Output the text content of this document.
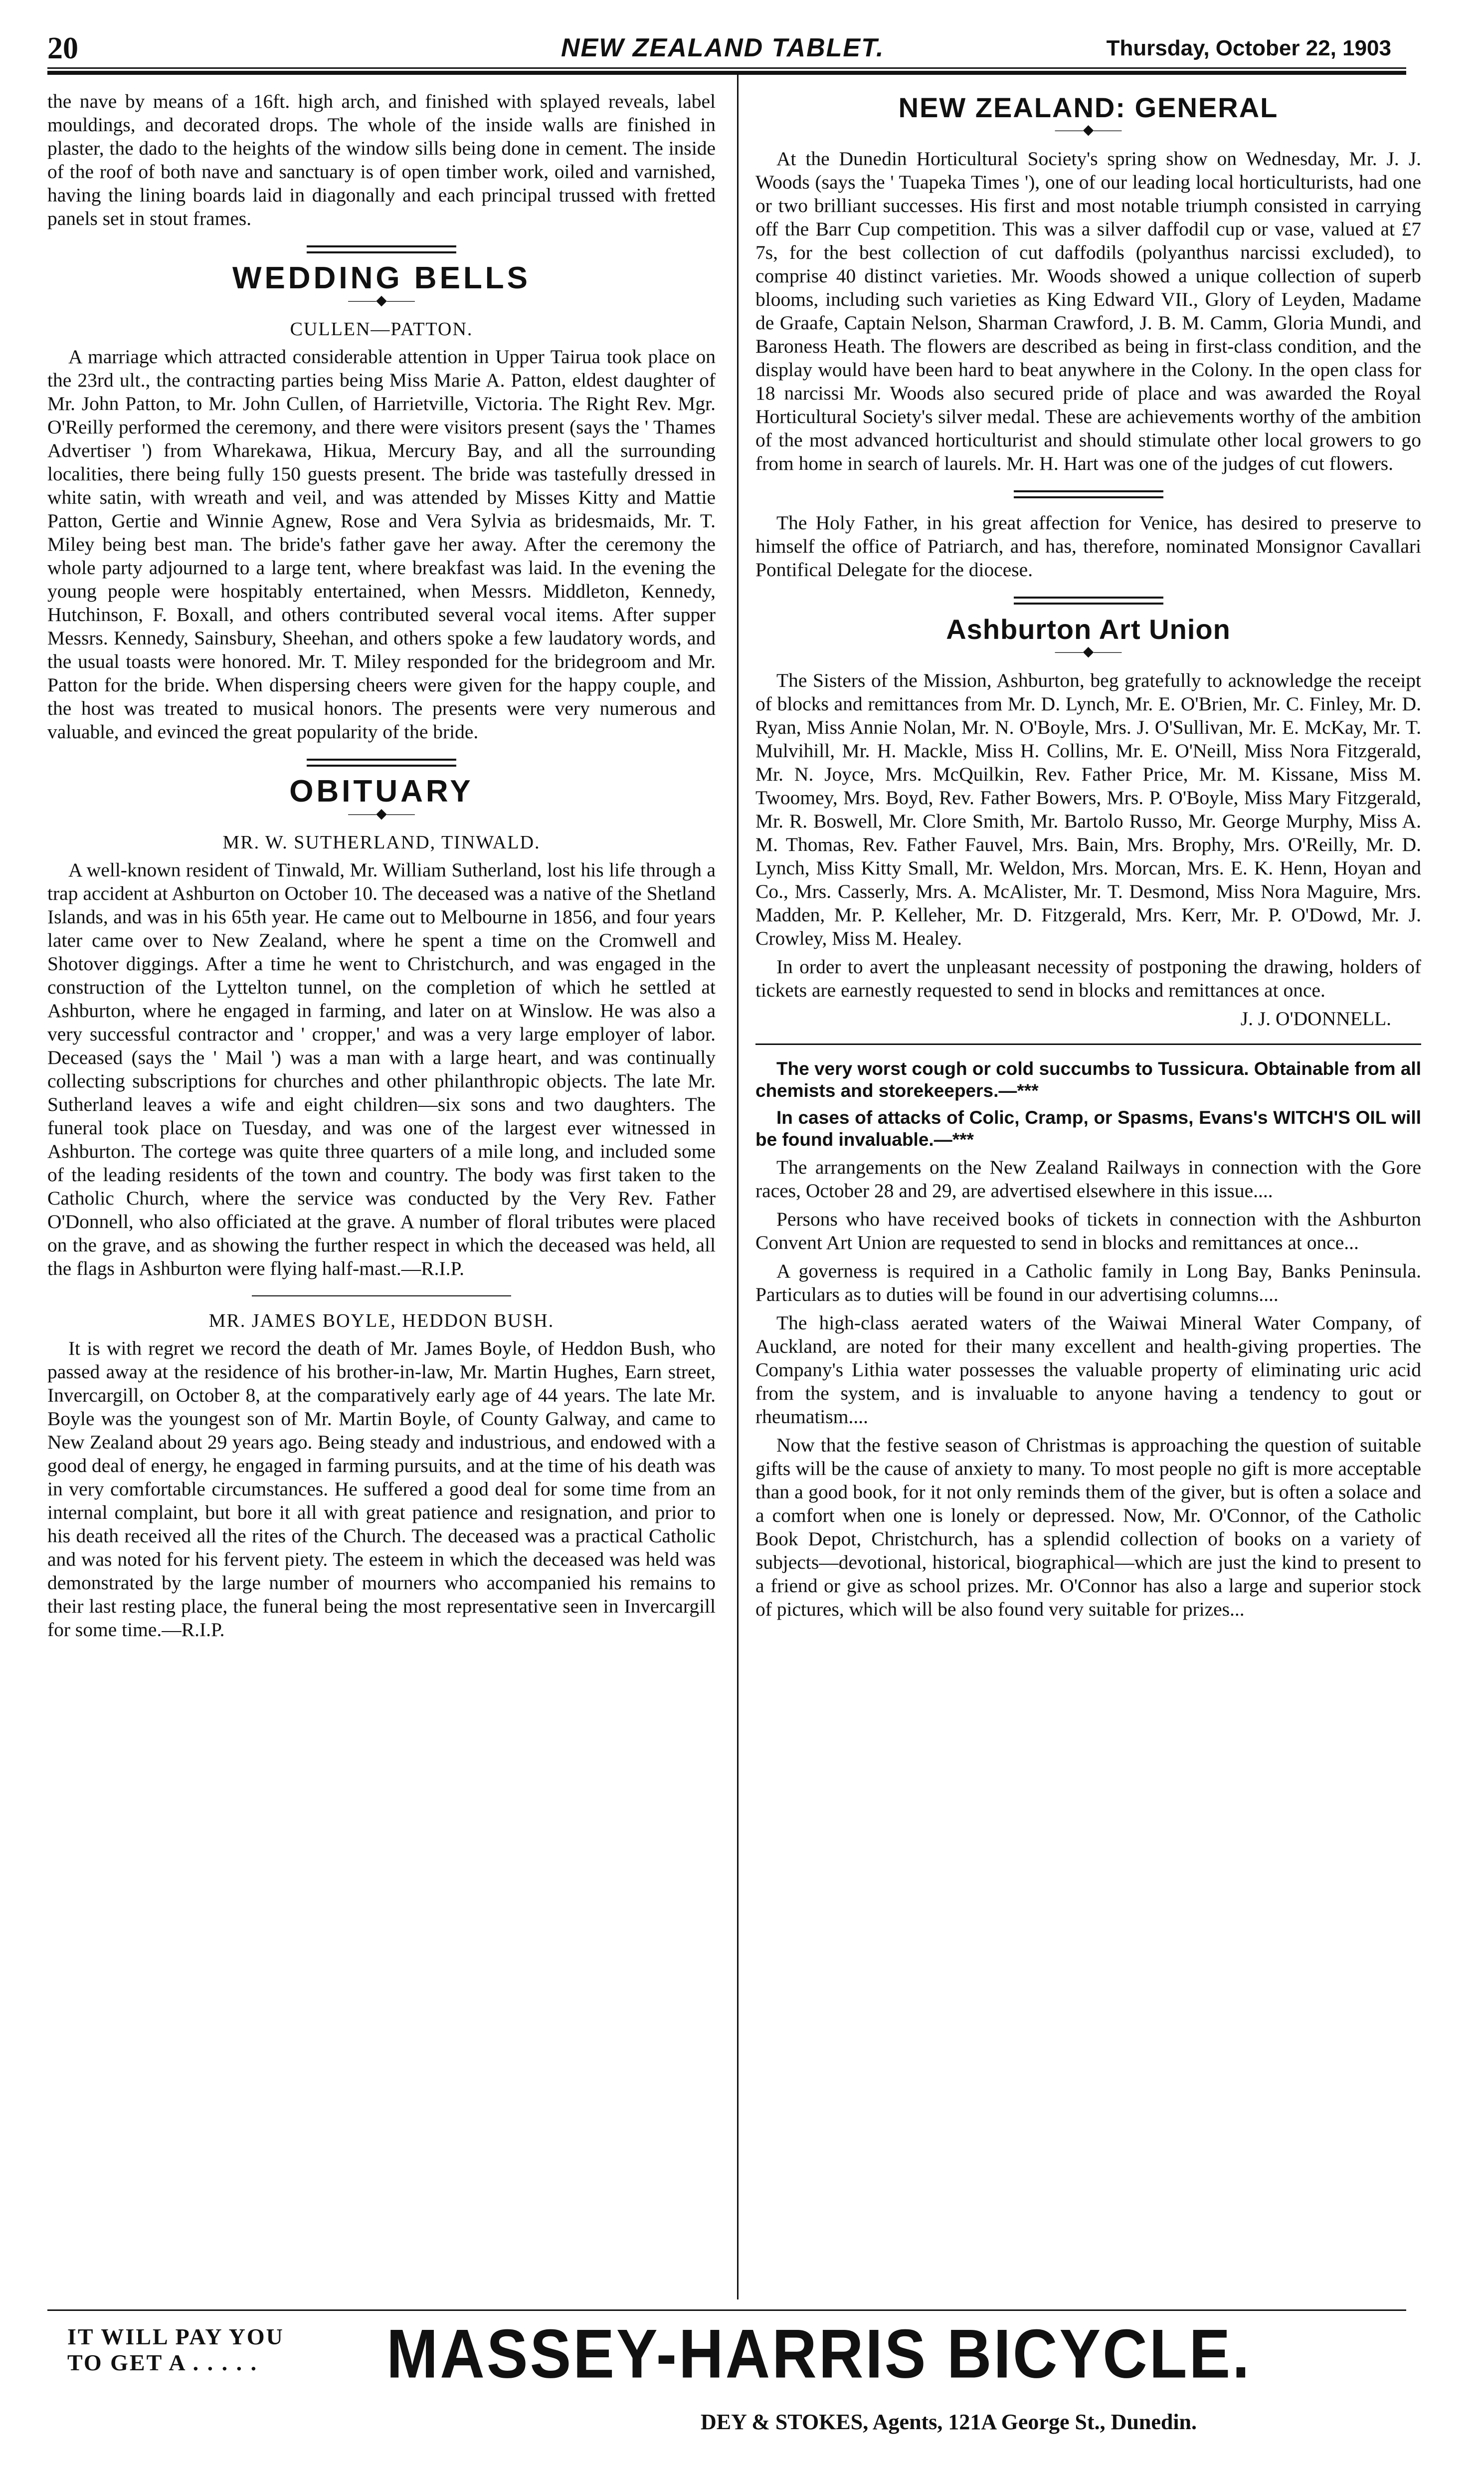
20	NEW ZEALAND TABLET.	Thursday, October 22, 1903

the nave by means of a 16ft. high arch, and finished with splayed reveals, label mouldings, and decorated drops. The whole of the inside walls are finished in plaster, the dado to the heights of the window sills being done in cement. The inside of the roof of both nave and sanctuary is of open timber work, oiled and varnished, having the lining boards laid in diagonally and each principal trussed with fretted panels set in stout frames.

WEDDING BELLS
——◆——
CULLEN—PATTON.

A marriage which attracted considerable attention in Upper Tairua took place on the 23rd ult., the contracting parties being Miss Marie A. Patton, eldest daughter of Mr. John Patton, to Mr. John Cullen, of Harrietville, Victoria. The Right Rev. Mgr. O'Reilly performed the ceremony, and there were visitors present (says the ' Thames Advertiser ') from Wharekawa, Hikua, Mercury Bay, and all the surrounding localities, there being fully 150 guests present. The bride was tastefully dressed in white satin, with wreath and veil, and was attended by Misses Kitty and Mattie Patton, Gertie and Winnie Agnew, Rose and Vera Sylvia as bridesmaids, Mr. T. Miley being best man. The bride's father gave her away. After the ceremony the whole party adjourned to a large tent, where breakfast was laid. In the evening the young people were hospitably entertained, when Messrs. Middleton, Kennedy, Hutchinson, F. Boxall, and others contributed several vocal items. After supper Messrs. Kennedy, Sainsbury, Sheehan, and others spoke a few laudatory words, and the usual toasts were honored. Mr. T. Miley responded for the bridegroom and Mr. Patton for the bride. When dispersing cheers were given for the happy couple, and the host was treated to musical honors. The presents were very numerous and valuable, and evinced the great popularity of the bride.

OBITUARY
——◆——
MR. W. SUTHERLAND, TINWALD.

A well-known resident of Tinwald, Mr. William Sutherland, lost his life through a trap accident at Ashburton on October 10. The deceased was a native of the Shetland Islands, and was in his 65th year. He came out to Melbourne in 1856, and four years later came over to New Zealand, where he spent a time on the Cromwell and Shotover diggings. After a time he went to Christchurch, and was engaged in the construction of the Lyttelton tunnel, on the completion of which he settled at Ashburton, where he engaged in farming, and later on at Winslow. He was also a very successful contractor and ' cropper,' and was a very large employer of labor. Deceased (says the ' Mail ') was a man with a large heart, and was continually collecting subscriptions for churches and other philanthropic objects. The late Mr. Sutherland leaves a wife and eight children—six sons and two daughters. The funeral took place on Tuesday, and was one of the largest ever witnessed in Ashburton. The cortege was quite three quarters of a mile long, and included some of the leading residents of the town and country. The body was first taken to the Catholic Church, where the service was conducted by the Very Rev. Father O'Donnell, who also officiated at the grave. A number of floral tributes were placed on the grave, and as showing the further respect in which the deceased was held, all the flags in Ashburton were flying half-mast.—R.I.P.

MR. JAMES BOYLE, HEDDON BUSH.

It is with regret we record the death of Mr. James Boyle, of Heddon Bush, who passed away at the residence of his brother-in-law, Mr. Martin Hughes, Earn street, Invercargill, on October 8, at the comparatively early age of 44 years. The late Mr. Boyle was the youngest son of Mr. Martin Boyle, of County Galway, and came to New Zealand about 29 years ago. Being steady and industrious, and endowed with a good deal of energy, he engaged in farming pursuits, and at the time of his death was in very comfortable circumstances. He suffered a good deal for some time from an internal complaint, but bore it all with great patience and resignation, and prior to his death received all the rites of the Church. The deceased was a practical Catholic and was noted for his fervent piety. The esteem in which the deceased was held was demonstrated by the large number of mourners who accompanied his remains to their last resting place, the funeral being the most representative seen in Invercargill for some time.—R.I.P.

NEW ZEALAND: GENERAL
——◆——

At the Dunedin Horticultural Society's spring show on Wednesday, Mr. J. J. Woods (says the ' Tuapeka Times '), one of our leading local horticulturists, had one or two brilliant successes. His first and most notable triumph consisted in carrying off the Barr Cup competition. This was a silver daffodil cup or vase, valued at £7 7s, for the best collection of cut daffodils (polyanthus narcissi excluded), to comprise 40 distinct varieties. Mr. Woods showed a unique collection of superb blooms, including such varieties as King Edward VII., Glory of Leyden, Madame de Graafe, Captain Nelson, Sharman Crawford, J. B. M. Camm, Gloria Mundi, and Baroness Heath. The flowers are described as being in first-class condition, and the display would have been hard to beat anywhere in the Colony. In the open class for 18 narcissi Mr. Woods also secured pride of place and was awarded the Royal Horticultural Society's silver medal. These are achievements worthy of the ambition of the most advanced horticulturist and should stimulate other local growers to go from home in search of laurels. Mr. H. Hart was one of the judges of cut flowers.

The Holy Father, in his great affection for Venice, has desired to preserve to himself the office of Patriarch, and has, therefore, nominated Monsignor Cavallari Pontifical Delegate for the diocese.

Ashburton Art Union
——◆——

The Sisters of the Mission, Ashburton, beg gratefully to acknowledge the receipt of blocks and remittances from Mr. D. Lynch, Mr. E. O'Brien, Mr. C. Finley, Mr. D. Ryan, Miss Annie Nolan, Mr. N. O'Boyle, Mrs. J. O'Sullivan, Mr. E. McKay, Mr. T. Mulvihill, Mr. H. Mackle, Miss H. Collins, Mr. E. O'Neill, Miss Nora Fitzgerald, Mr. N. Joyce, Mrs. McQuilkin, Rev. Father Price, Mr. M. Kissane, Miss M. Twoomey, Mrs. Boyd, Rev. Father Bowers, Mrs. P. O'Boyle, Miss Mary Fitzgerald, Mr. R. Boswell, Mr. Clore Smith, Mr. Bartolo Russo, Mr. George Murphy, Miss A. M. Thomas, Rev. Father Fauvel, Mrs. Bain, Mrs. Brophy, Mrs. O'Reilly, Mr. D. Lynch, Miss Kitty Small, Mr. Weldon, Mrs. Morcan, Mrs. E. K. Henn, Hoyan and Co., Mrs. Casserly, Mrs. A. McAlister, Mr. T. Desmond, Miss Nora Maguire, Mrs. Madden, Mr. P. Kelleher, Mr. D. Fitzgerald, Mrs. Kerr, Mr. P. O'Dowd, Mr. J. Crowley, Miss M. Healey.

In order to avert the unpleasant necessity of postponing the drawing, holders of tickets are earnestly requested to send in blocks and remittances at once.

J. J. O'DONNELL.

The very worst cough or cold succumbs to Tussicura. Obtainable from all chemists and storekeepers.—***

In cases of attacks of Colic, Cramp, or Spasms, Evans's WITCH'S OIL will be found invaluable.—***

The arrangements on the New Zealand Railways in connection with the Gore races, October 28 and 29, are advertised elsewhere in this issue....

Persons who have received books of tickets in connection with the Ashburton Convent Art Union are requested to send in blocks and remittances at once...

A governess is required in a Catholic family in Long Bay, Banks Peninsula. Particulars as to duties will be found in our advertising columns....

The high-class aerated waters of the Waiwai Mineral Water Company, of Auckland, are noted for their many excellent and health-giving properties. The Company's Lithia water possesses the valuable property of eliminating uric acid from the system, and is invaluable to anyone having a tendency to gout or rheumatism....

Now that the festive season of Christmas is approaching the question of suitable gifts will be the cause of anxiety to many. To most people no gift is more acceptable than a good book, for it not only reminds them of the giver, but is often a solace and a comfort when one is lonely or depressed. Now, Mr. O'Connor, of the Catholic Book Depot, Christchurch, has a splendid collection of books on a variety of subjects—devotional, historical, biographical—which are just the kind to present to a friend or give as school prizes. Mr. O'Connor has also a large and superior stock of pictures, which will be also found very suitable for prizes...

IT WILL PAY YOU
TO GET A . . . . . MASSEY-HARRIS BICYCLE.
DEY & STOKES, Agents, 121A George St., Dunedin.
